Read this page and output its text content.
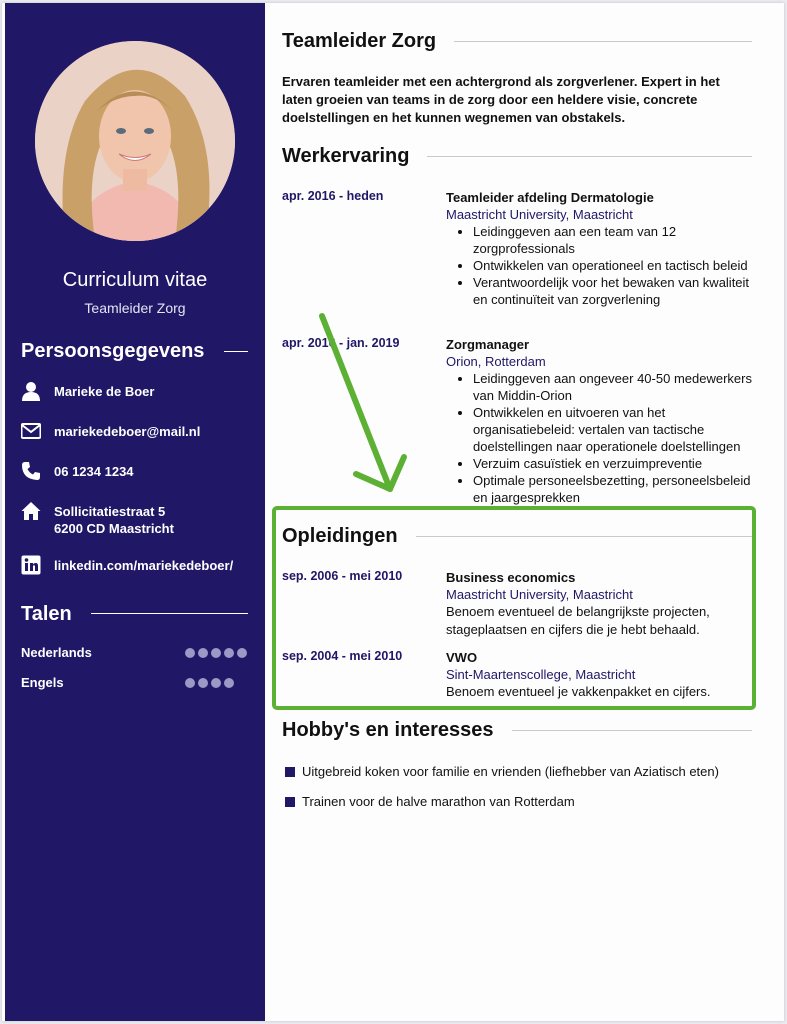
Curriculum vitae
Teamleider Zorg
Persoonsgegevens
Marieke de Boer
mariekedeboer@mail.nl
06 1234 1234
Sollicitatiestraat 5
6200 CD Maastricht
linkedin.com/mariekedeboer/
Talen
Nederlands
Engels
Teamleider Zorg
Ervaren teamleider met een achtergrond als zorgverlener. Expert in het laten groeien van teams in de zorg door een heldere visie, concrete doelstellingen en het kunnen wegnemen van obstakels.
Werkervaring
apr. 2016 - heden	Teamleider afdeling Dermatologie
Maastricht University, Maastricht
• Leidinggeven aan een team van 12 zorgprofessionals
• Ontwikkelen van operationeel en tactisch beleid
• Verantwoordelijk voor het bewaken van kwaliteit en continuïteit van zorgverlening
apr. 2016 - jan. 2019	Zorgmanager
Orion, Rotterdam
• Leidinggeven aan ongeveer 40-50 medewerkers van Middin-Orion
• Ontwikkelen en uitvoeren van het organisatiebeleid: vertalen van tactische doelstellingen naar operationele doelstellingen
• Verzuim casuïstiek en verzuimpreventie
• Optimale personeelsbezetting, personeelsbeleid en jaargesprekken
Opleidingen
sep. 2006 - mei 2010	Business economics
Maastricht University, Maastricht
Benoem eventueel de belangrijkste projecten, stageplaatsen en cijfers die je hebt behaald.
sep. 2004 - mei 2010	VWO
Sint-Maartenscollege, Maastricht
Benoem eventueel je vakkenpakket en cijfers.
Hobby's en interesses
Uitgebreid koken voor familie en vrienden (liefhebber van Aziatisch eten)
Trainen voor de halve marathon van Rotterdam
